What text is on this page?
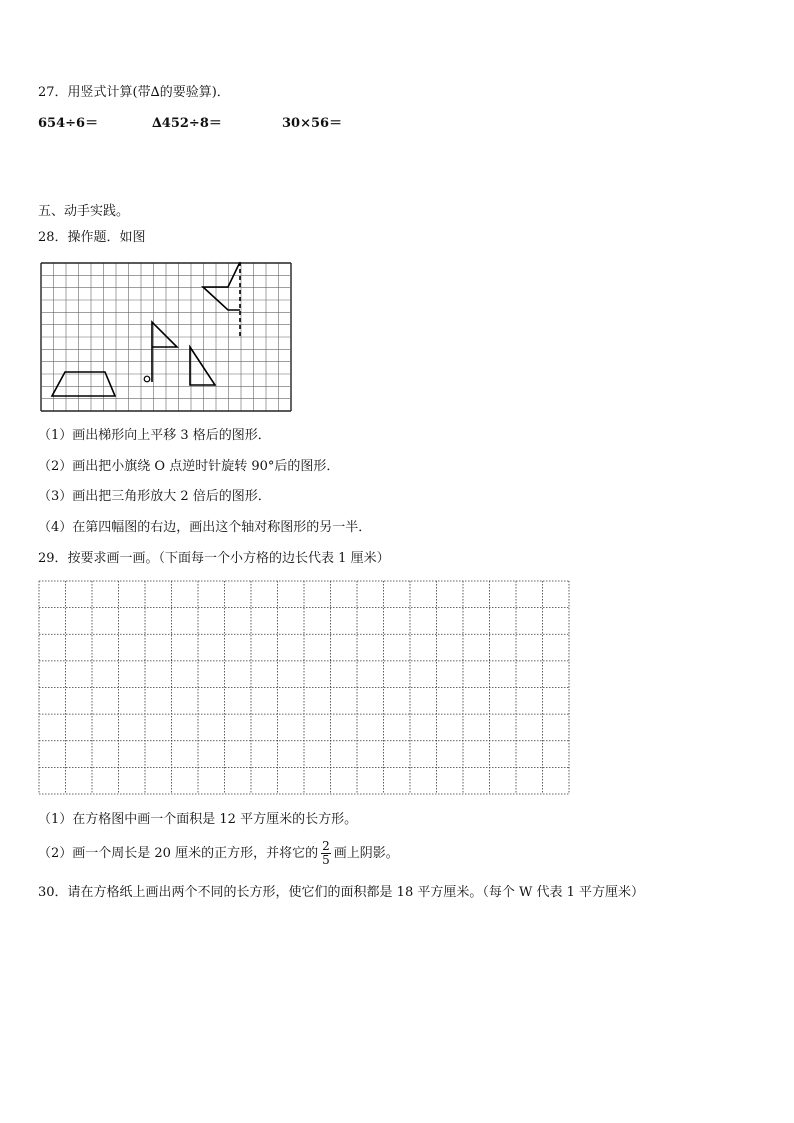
27．用竖式计算(带∆的要验算)．
654÷6＝	∆452÷8＝	30×56＝
五、动手实践。
28．操作题．如图
（1）画出梯形向上平移 3 格后的图形．
（2）画出把小旗绕 O 点逆时针旋转 90°后的图形．
（3）画出把三角形放大 2 倍后的图形．
（4）在第四幅图的右边，画出这个轴对称图形的另一半．
29．按要求画一画。（下面每一个小方格的边长代表 1 厘米）
（1）在方格图中画一个面积是 12 平方厘米的长方形。
（2）画一个周长是 20 厘米的正方形，并将它的 $\frac{2}{5}$ 画上阴影。
30．请在方格纸上画出两个不同的长方形，使它们的面积都是 18 平方厘米。（每个 W 代表 1 平方厘米）
